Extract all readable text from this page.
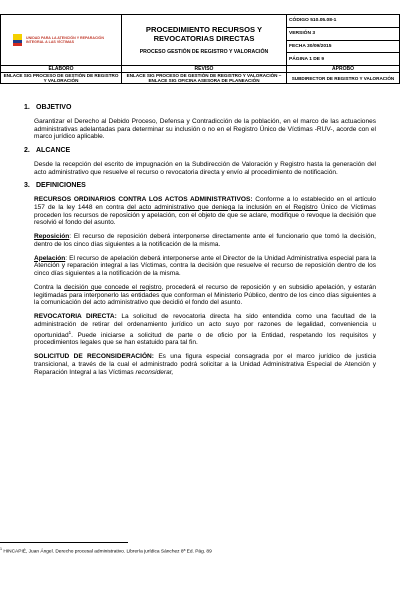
UNIDAD PARA LA ATENCIÓN Y REPARACIÓN INTEGRAL A LAS VÍCTIMAS	PROCEDIMIENTO RECURSOS Y REVOCATORIAS DIRECTAS
PROCESO GESTIÓN DE REGISTRO Y VALORACIÓN	CÓDIGO 510.05.08-1
		VERSIÓN 3
		FECHA 30/09/2015
		PÁGINA 1 DE 9
ELABORÓ	REVISÓ	APROBÓ
ENLACE SIG PROCESO DE GESTIÓN DE REGISTRO Y VALORACIÓN	ENLACE SIG PROCESO DE GESTIÓN DE REGISTRO Y VALORACIÓN – ENLACE SIG OFICINA ASESORA DE PLANEACIÓN	SUBDIRECTOR DE REGISTRO Y VALORACIÓN
1. OBJETIVO
Garantizar el Derecho al Debido Proceso, Defensa y Contradicción de la población, en el marco de las actuaciones administrativas adelantadas para determinar su inclusión o no en el Registro Único de Víctimas -RUV-, acorde con el marco jurídico aplicable.
2. ALCANCE
Desde la recepción del escrito de impugnación en la Subdirección de Valoración y Registro hasta la generación del acto administrativo que resuelve el recurso o revocatoria directa y envío al procedimiento de notificación.
3. DEFINICIONES
RECURSOS ORDINARIOS CONTRA LOS ACTOS ADMINISTRATIVOS: Conforme a lo establecido en el artículo 157 de la ley 1448 en contra del acto administrativo que deniega la inclusión en el Registro Único de Víctimas proceden los recursos de reposición y apelación, con el objeto de que se aclare, modifique o revoque la decisión que resolvió el fondo del asunto.
Reposición: El recurso de reposición deberá interponerse directamente ante el funcionario que tomó la decisión, dentro de los cinco días siguientes a la notificación de la misma.
Apelación: El recurso de apelación deberá interponerse ante el Director de la Unidad Administrativa especial para la Atención y reparación integral a las Víctimas, contra la decisión que resuelve el recurso de reposición dentro de los cinco días siguientes a la notificación de la misma.
Contra la decisión que concede el registro, procederá el recurso de reposición y en subsidio apelación, y estarán legitimadas para interponerlo las entidades que conforman el Ministerio Público, dentro de los cinco días siguientes a la comunicación del acto administrativo que decidió el fondo del asunto.
REVOCATORIA DIRECTA: La solicitud de revocatoria directa ha sido entendida como una facultad de la administración de retirar del ordenamiento jurídico un acto suyo por razones de legalidad, conveniencia u oportunidad$^1$. Puede iniciarse a solicitud de parte o de oficio por la Entidad, respetando los requisitos y procedimientos legales que se han estatuido para tal fin.
SOLICITUD DE RECONSIDERACIÓN: Es una figura especial consagrada por el marco jurídico de justicia transicional, a través de la cual el administrado podrá solicitar a la Unidad Administrativa Especial de Atención y Reparación Integral a las Víctimas reconsiderar,
$^1$ HINCAPIÉ, Juan Ángel. Derecho procesal administrativo. Librería jurídica Sánchez 8ª Ed. Pág. 89
